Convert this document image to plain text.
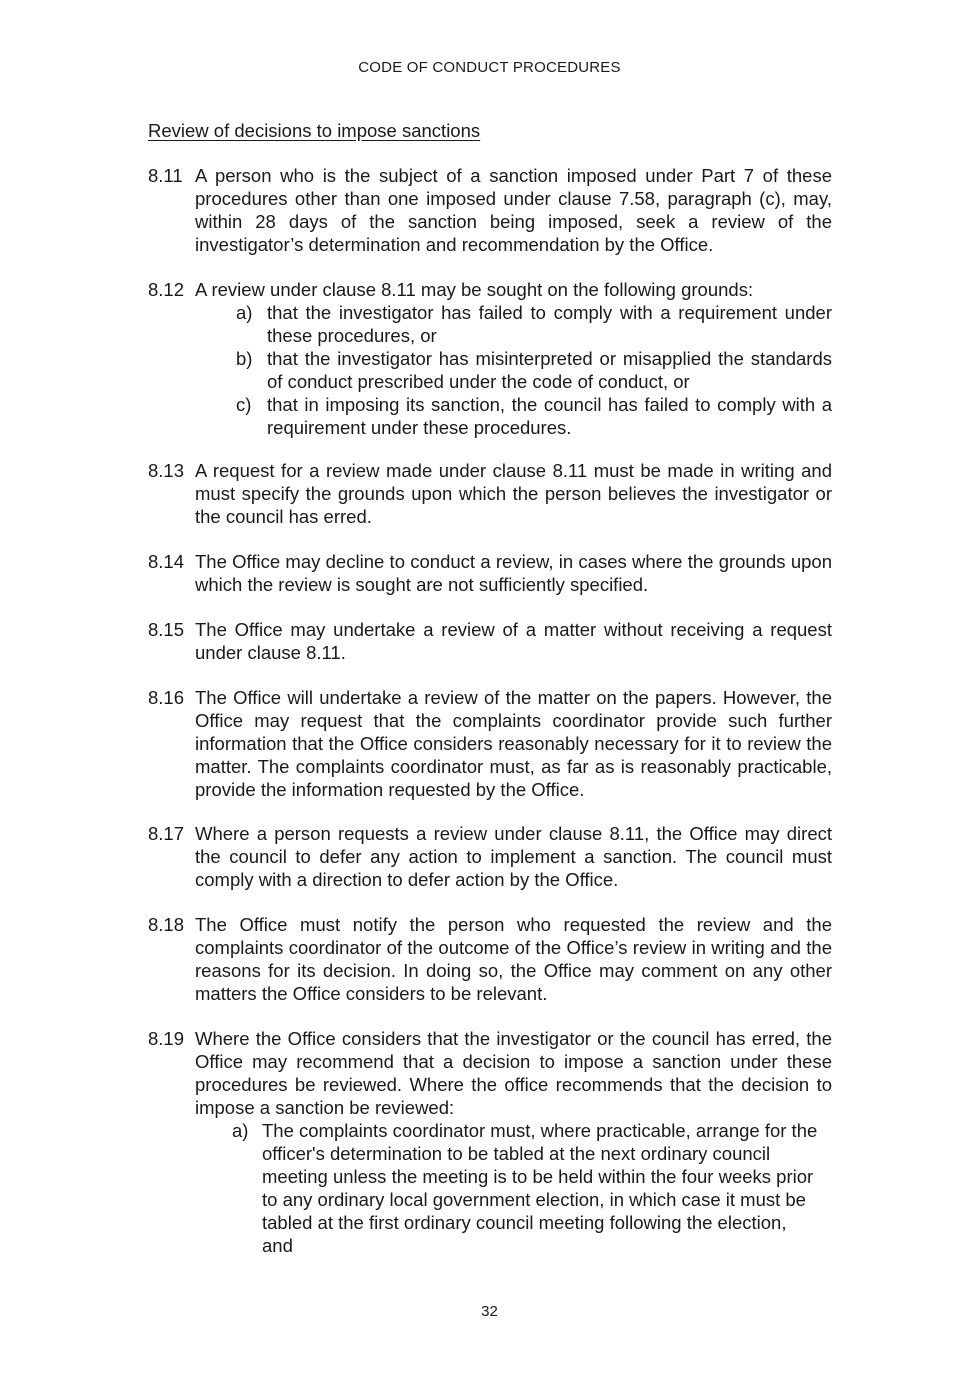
CODE OF CONDUCT PROCEDURES
Review of decisions to impose sanctions
8.11 A person who is the subject of a sanction imposed under Part 7 of these procedures other than one imposed under clause 7.58, paragraph (c), may, within 28 days of the sanction being imposed, seek a review of the investigator’s determination and recommendation by the Office.
8.12 A review under clause 8.11 may be sought on the following grounds:
a) that the investigator has failed to comply with a requirement under these procedures, or
b) that the investigator has misinterpreted or misapplied the standards of conduct prescribed under the code of conduct, or
c) that in imposing its sanction, the council has failed to comply with a requirement under these procedures.
8.13 A request for a review made under clause 8.11 must be made in writing and must specify the grounds upon which the person believes the investigator or the council has erred.
8.14 The Office may decline to conduct a review, in cases where the grounds upon which the review is sought are not sufficiently specified.
8.15 The Office may undertake a review of a matter without receiving a request under clause 8.11.
8.16 The Office will undertake a review of the matter on the papers. However, the Office may request that the complaints coordinator provide such further information that the Office considers reasonably necessary for it to review the matter. The complaints coordinator must, as far as is reasonably practicable, provide the information requested by the Office.
8.17 Where a person requests a review under clause 8.11, the Office may direct the council to defer any action to implement a sanction. The council must comply with a direction to defer action by the Office.
8.18 The Office must notify the person who requested the review and the complaints coordinator of the outcome of the Office’s review in writing and the reasons for its decision. In doing so, the Office may comment on any other matters the Office considers to be relevant.
8.19 Where the Office considers that the investigator or the council has erred, the Office may recommend that a decision to impose a sanction under these procedures be reviewed. Where the office recommends that the decision to impose a sanction be reviewed:
a) The complaints coordinator must, where practicable, arrange for the officer's determination to be tabled at the next ordinary council meeting unless the meeting is to be held within the four weeks prior to any ordinary local government election, in which case it must be tabled at the first ordinary council meeting following the election, and
32
